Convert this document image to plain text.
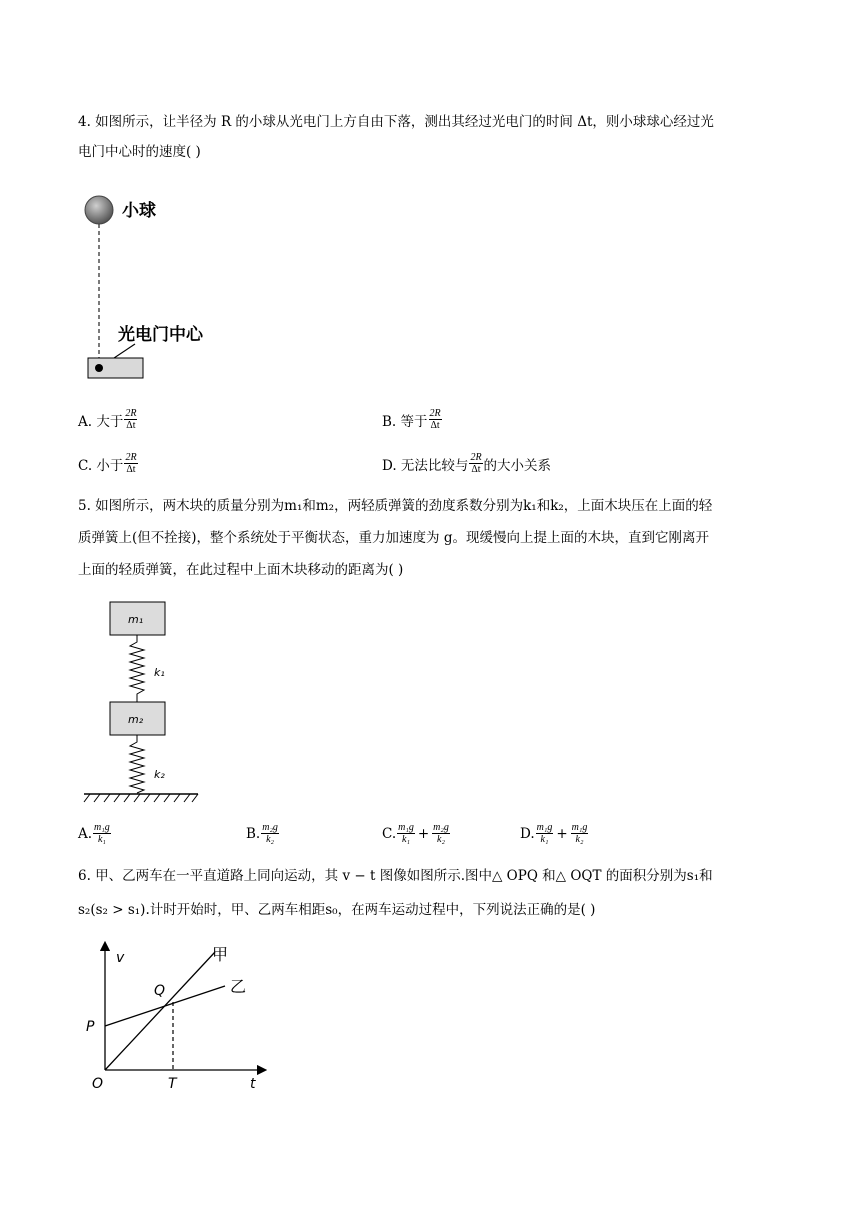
4. 如图所示，让半径为 R 的小球从光电门上方自由下落，测出其经过光电门的时间 Δt，则小球球心经过光
电门中心时的速度( )
小球
光电门中心
A. 大于 $\frac{2R}{\Delta t}$	B. 等于 $\frac{2R}{\Delta t}$
C. 小于 $\frac{2R}{\Delta t}$	D. 无法比较与 $\frac{2R}{\Delta t}$ 的大小关系
5. 如图所示，两木块的质量分别为m₁和m₂，两轻质弹簧的劲度系数分别为k₁和k₂，上面木块压在上面的轻
质弹簧上(但不拴接)，整个系统处于平衡状态，重力加速度为 g。现缓慢向上提上面的木块，直到它刚离开
上面的轻质弹簧，在此过程中上面木块移动的距离为( )
m₁
k₁
m₂
k₂
A. $\frac{\text{m₁g}}{\text{k₁}}$	B. $\frac{\text{m₂g}}{\text{k₂}}$	C. $\frac{\text{m₁g}}{\text{k₁}} + \frac{\text{m₂g}}{\text{k₂}}$	D. $\frac{\text{m₁g}}{\text{k₁}} + \frac{\text{m₁g}}{\text{k₂}}$
6. 甲、乙两车在一平直道路上同向运动，其 v − t 图像如图所示.图中△ OPQ 和△ OQT 的面积分别为s₁和
s₂(s₂ > s₁).计时开始时，甲、乙两车相距s₀，在两车运动过程中，下列说法正确的是( )
v
t
O
P
Q
T
甲
乙
